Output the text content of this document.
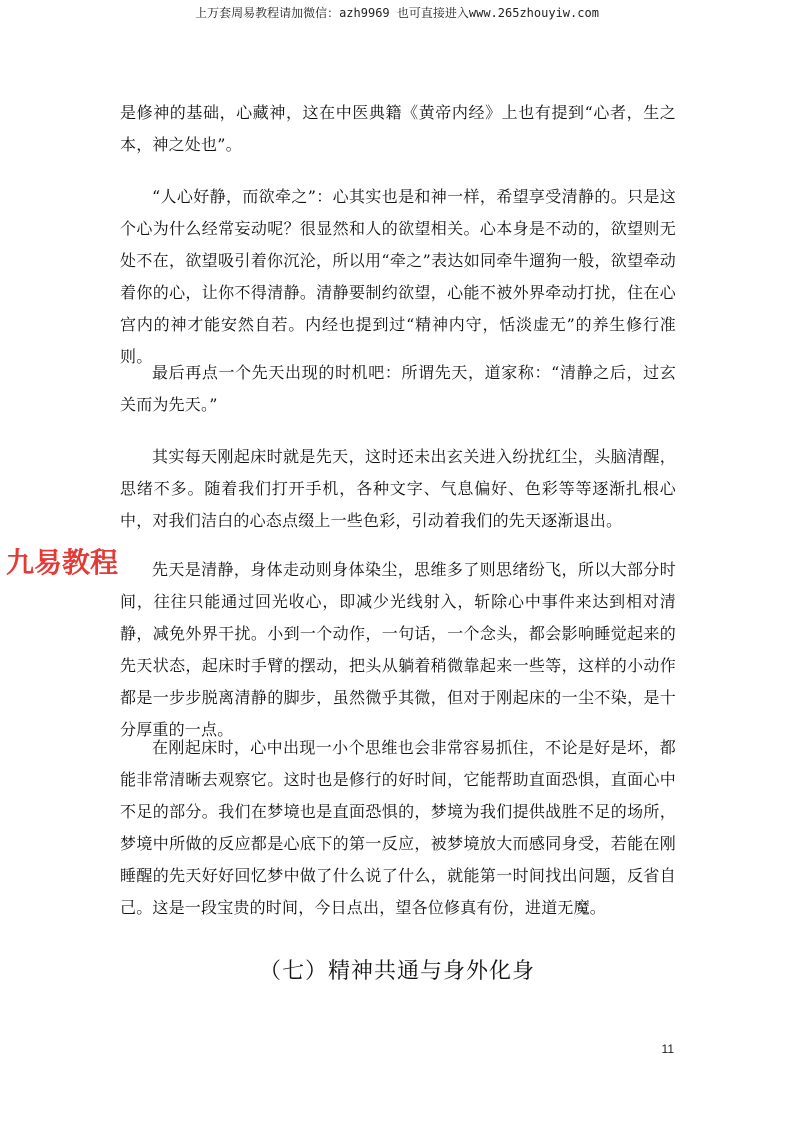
上万套周易教程请加微信：azh9969 也可直接进入www.265zhouyiw.com

是修神的基础，心藏神，这在中医典籍《黄帝内经》上也有提到“心者，生之本，神之处也”。

“人心好静，而欲牵之”：心其实也是和神一样，希望享受清静的。只是这个心为什么经常妄动呢？很显然和人的欲望相关。心本身是不动的，欲望则无处不在，欲望吸引着你沉沦，所以用“牵之”表达如同牵牛遛狗一般，欲望牵动着你的心，让你不得清静。清静要制约欲望，心能不被外界牵动打扰，住在心宫内的神才能安然自若。内经也提到过“精神内守，恬淡虚无”的养生修行准则。

最后再点一个先天出现的时机吧：所谓先天，道家称：“清静之后，过玄关而为先天。”

其实每天刚起床时就是先天，这时还未出玄关进入纷扰红尘，头脑清醒，思绪不多。随着我们打开手机，各种文字、气息偏好、色彩等等逐渐扎根心中，对我们洁白的心态点缀上一些色彩，引动着我们的先天逐渐退出。

先天是清静，身体走动则身体染尘，思维多了则思绪纷飞，所以大部分时间，往往只能通过回光收心，即减少光线射入，斩除心中事件来达到相对清静，减免外界干扰。小到一个动作，一句话，一个念头，都会影响睡觉起来的先天状态，起床时手臂的摆动，把头从躺着稍微靠起来一些等，这样的小动作都是一步步脱离清静的脚步，虽然微乎其微，但对于刚起床的一尘不染，是十分厚重的一点。

在刚起床时，心中出现一小个思维也会非常容易抓住，不论是好是坏，都能非常清晰去观察它。这时也是修行的好时间，它能帮助直面恐惧，直面心中不足的部分。我们在梦境也是直面恐惧的，梦境为我们提供战胜不足的场所，梦境中所做的反应都是心底下的第一反应，被梦境放大而感同身受，若能在刚睡醒的先天好好回忆梦中做了什么说了什么，就能第一时间找出问题，反省自己。这是一段宝贵的时间，今日点出，望各位修真有份，进道无魔。

九易教程
（七）精神共通与身外化身
11
